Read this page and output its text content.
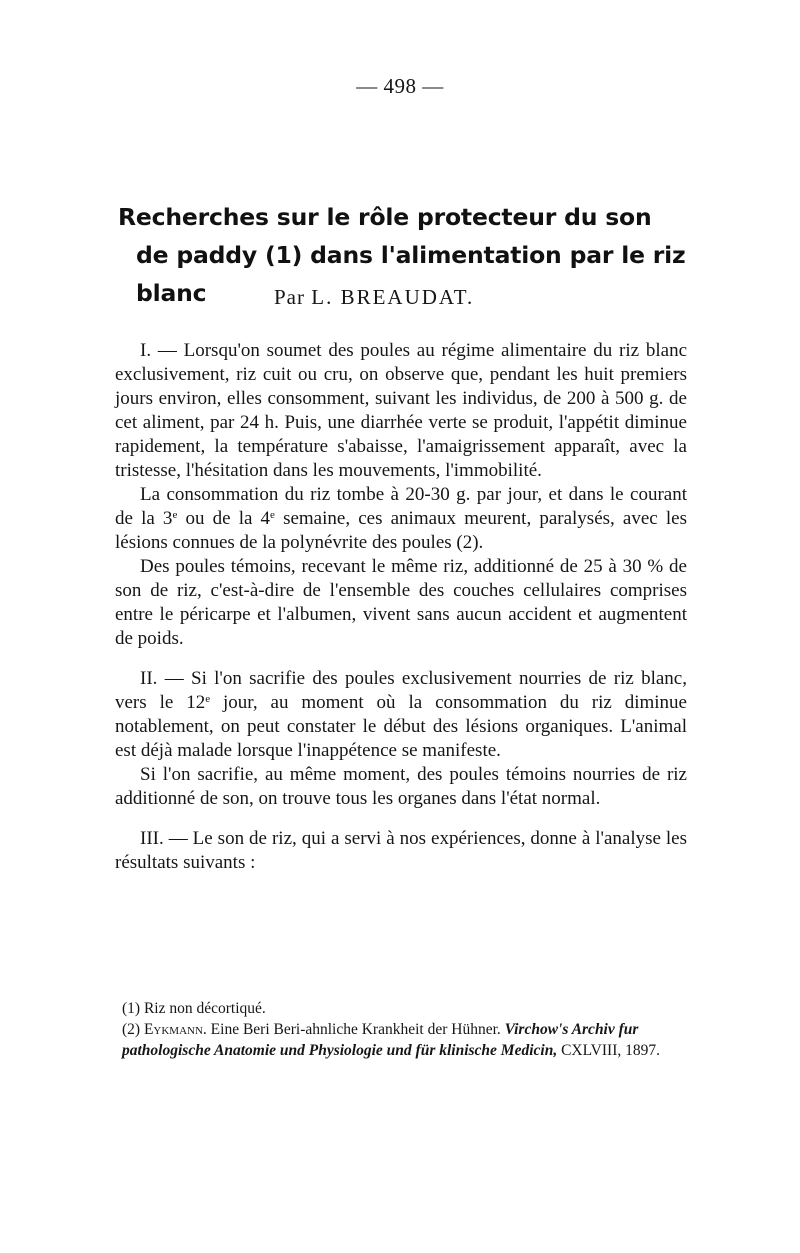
— 498 —
Recherches sur le rôle protecteur du son
de paddy (1) dans l'alimentation par le riz blanc	Par L. BREAUDAT.

I. — Lorsqu'on soumet des poules au régime alimentaire du riz blanc exclusivement, riz cuit ou cru, on observe que, pendant les huit premiers jours environ, elles consomment, suivant les individus, de 200 à 500 g. de cet aliment, par 24 h. Puis, une diarrhée verte se produit, l'appétit diminue rapidement, la température s'abaisse, l'amaigrissement apparaît, avec la tristesse, l'hésitation dans les mouvements, l'immobilité.

La consommation du riz tombe à 20-30 g. par jour, et dans le courant de la 3e ou de la 4e semaine, ces animaux meurent, paralysés, avec les lésions connues de la polynévrite des poules (2).

Des poules témoins, recevant le même riz, additionné de 25 à 30 % de son de riz, c'est-à-dire de l'ensemble des couches cellulaires comprises entre le péricarpe et l'albumen, vivent sans aucun accident et augmentent de poids.

II. — Si l'on sacrifie des poules exclusivement nourries de riz blanc, vers le 12e jour, au moment où la consommation du riz diminue notablement, on peut constater le début des lésions organiques. L'animal est déjà malade lorsque l'inappétence se manifeste.

Si l'on sacrifie, au même moment, des poules témoins nourries de riz additionné de son, on trouve tous les organes dans l'état normal.

III. — Le son de riz, qui a servi à nos expériences, donne à l'analyse les résultats suivants :

(1) Riz non décortiqué.

(2) Eykmann. Eine Beri Beri-ahnliche Krankheit der Hühner. Virchow's Archiv fur pathologische Anatomie und Physiologie und für klinische Medicin, CXLVIII, 1897.
